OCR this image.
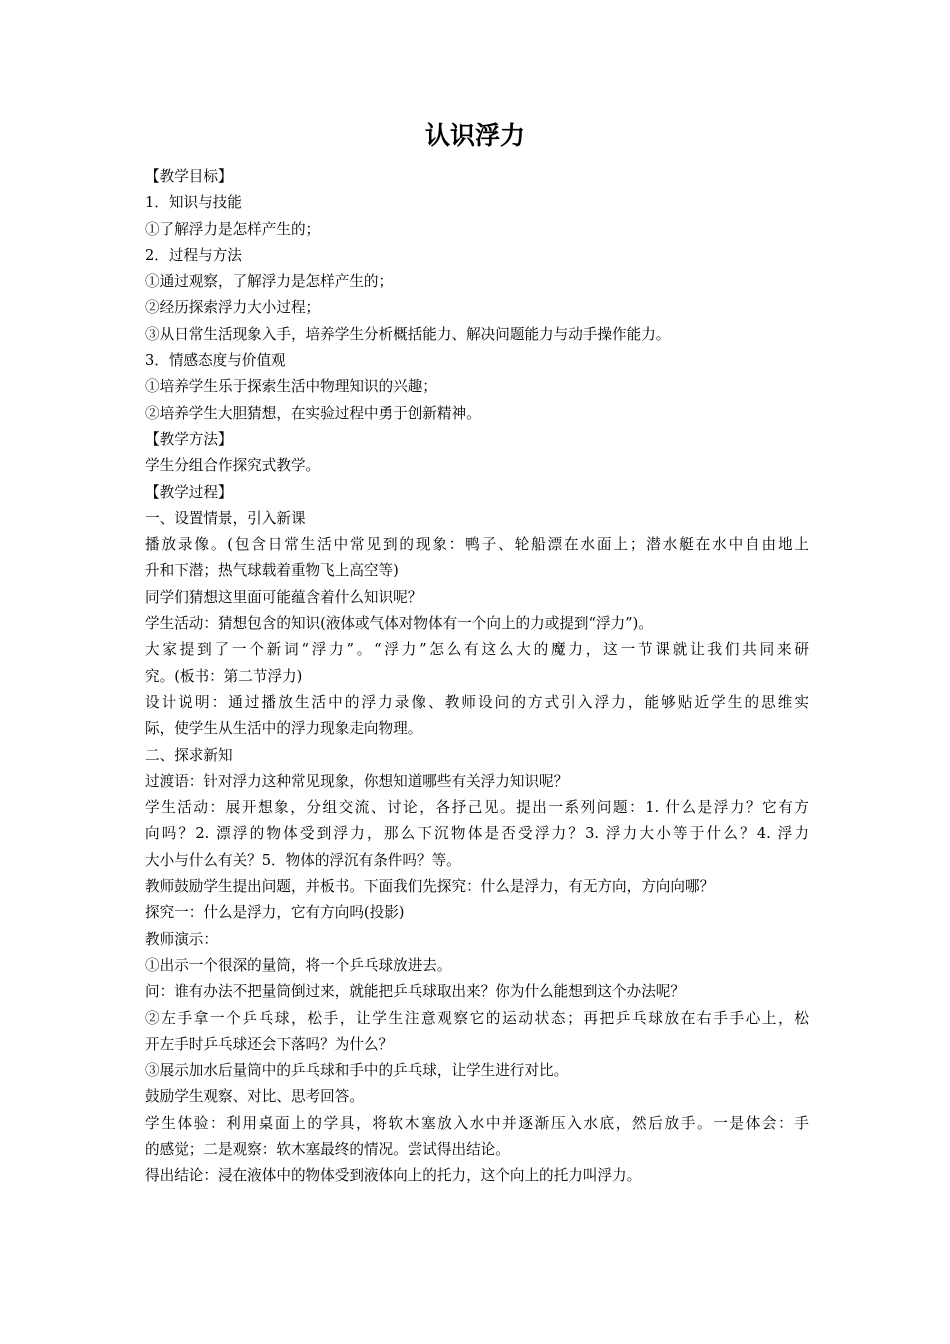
认识浮力
【教学目标】
1．知识与技能
①了解浮力是怎样产生的；
2．过程与方法
①通过观察，了解浮力是怎样产生的；
②经历探索浮力大小过程；
③从日常生活现象入手，培养学生分析概括能力、解决问题能力与动手操作能力。
3．情感态度与价值观
①培养学生乐于探索生活中物理知识的兴趣；
②培养学生大胆猜想，在实验过程中勇于创新精神。
【教学方法】
学生分组合作探究式教学。
【教学过程】
一、设置情景，引入新课
播放录像。(包含日常生活中常见到的现象：鸭子、轮船漂在水面上；潜水艇在水中自由地上
升和下潜；热气球载着重物飞上高空等)
同学们猜想这里面可能蕴含着什么知识呢？
学生活动：猜想包含的知识(液体或气体对物体有一个向上的力或提到“浮力”)。
大家提到了一个新词“浮力”。“浮力”怎么有这么大的魔力，这一节课就让我们共同来研
究。(板书：第二节浮力)
设计说明：通过播放生活中的浮力录像、教师设问的方式引入浮力，能够贴近学生的思维实
际，使学生从生活中的浮力现象走向物理。
二、探求新知
过渡语：针对浮力这种常见现象，你想知道哪些有关浮力知识呢？
学生活动：展开想象，分组交流、讨论，各抒己见。提出一系列问题：1. 什么是浮力？它有方
向吗？2. 漂浮的物体受到浮力，那么下沉物体是否受浮力？3. 浮力大小等于什么？4. 浮力
大小与什么有关？5．物体的浮沉有条件吗？等。
教师鼓励学生提出问题，并板书。下面我们先探究：什么是浮力，有无方向，方向向哪？
探究一：什么是浮力，它有方向吗(投影)
教师演示：
①出示一个很深的量筒，将一个乒乓球放进去。
问：谁有办法不把量筒倒过来，就能把乒乓球取出来？你为什么能想到这个办法呢？
②左手拿一个乒乓球，松手，让学生注意观察它的运动状态；再把乒乓球放在右手手心上，松
开左手时乒乓球还会下落吗？为什么？
③展示加水后量筒中的乒乓球和手中的乒乓球，让学生进行对比。
鼓励学生观察、对比、思考回答。
学生体验：利用桌面上的学具，将软木塞放入水中并逐渐压入水底，然后放手。一是体会：手
的感觉；二是观察：软木塞最终的情况。尝试得出结论。
得出结论：浸在液体中的物体受到液体向上的托力，这个向上的托力叫浮力。
